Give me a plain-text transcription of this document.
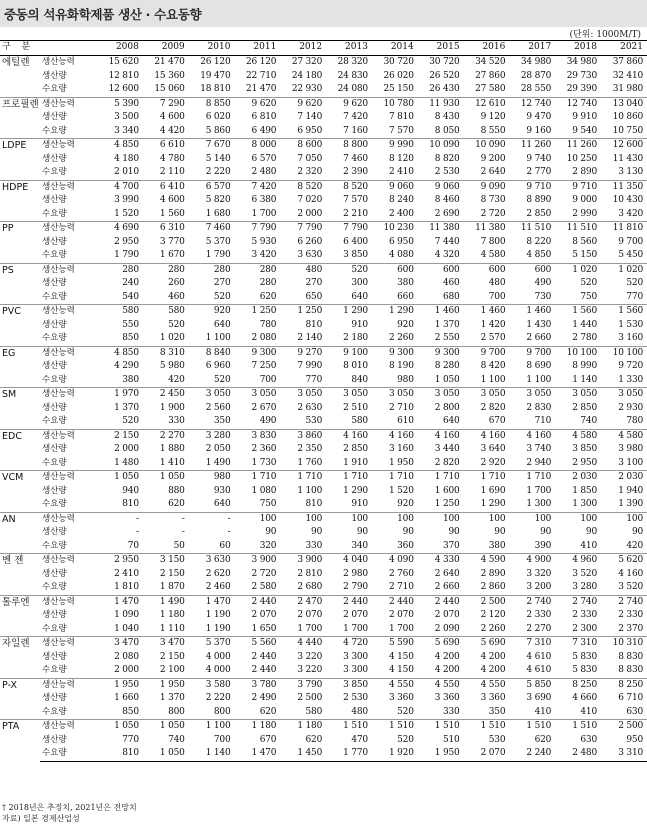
중동의 석유화학제품 생산 · 수요동향
(단위: 1000M/T)
구 분		2008	2009	2010	2011	2012	2013	2014	2015	2016	2017	2018	2021
에틸렌	생산능력	15 620	21 470	26 120	26 120	27 320	28 320	30 720	30 720	34 520	34 980	34 980	37 860
	생산량	12 810	15 360	19 470	22 710	24 180	24 830	26 020	26 520	27 860	28 870	29 730	32 410
	수요량	12 600	15 060	18 810	21 470	22 930	24 080	25 150	26 430	27 580	28 550	29 390	31 980
프로필렌	생산능력	5 390	7 290	8 850	9 620	9 620	9 620	10 780	11 930	12 610	12 740	12 740	13 040
	생산량	3 500	4 600	6 020	6 810	7 140	7 420	7 810	8 430	9 120	9 470	9 910	10 860
	수요량	3 340	4 420	5 860	6 490	6 950	7 160	7 570	8 050	8 550	9 160	9 540	10 750
LDPE	생산능력	4 850	6 610	7 670	8 000	8 600	8 800	9 990	10 090	10 090	11 260	11 260	12 600
	생산량	4 180	4 780	5 140	6 570	7 050	7 460	8 120	8 820	9 200	9 740	10 250	11 430
	수요량	2 010	2 110	2 220	2 480	2 320	2 390	2 410	2 530	2 640	2 770	2 890	3 130
HDPE	생산능력	4 700	6 410	6 570	7 420	8 520	8 520	9 060	9 060	9 090	9 710	9 710	11 350
	생산량	3 990	4 600	5 820	6 380	7 020	7 570	8 240	8 460	8 730	8 890	9 000	10 430
	수요량	1 520	1 560	1 680	1 700	2 000	2 210	2 400	2 690	2 720	2 850	2 990	3 420
PP	생산능력	4 690	6 310	7 460	7 790	7 790	7 790	10 230	11 380	11 380	11 510	11 510	11 810
	생산량	2 950	3 770	5 370	5 930	6 260	6 400	6 950	7 440	7 800	8 220	8 560	9 700
	수요량	1 790	1 670	1 790	3 420	3 630	3 850	4 080	4 320	4 580	4 850	5 150	5 450
PS	생산능력	280	280	280	280	480	520	600	600	600	600	1 020	1 020
	생산량	240	260	270	280	270	300	380	460	480	490	520	520
	수요량	540	460	520	620	650	640	660	680	700	730	750	770
PVC	생산능력	580	580	920	1 250	1 250	1 290	1 290	1 460	1 460	1 460	1 560	1 560
	생산량	550	520	640	780	810	910	920	1 370	1 420	1 430	1 440	1 530
	수요량	850	1 020	1 100	2 080	2 140	2 180	2 260	2 550	2 570	2 660	2 780	3 160
EG	생산능력	4 850	8 310	8 840	9 300	9 270	9 100	9 300	9 300	9 700	9 700	10 100	10 100
	생산량	4 290	5 980	6 960	7 250	7 990	8 010	8 190	8 280	8 420	8 690	8 990	9 720
	수요량	380	420	520	700	770	840	980	1 050	1 100	1 100	1 140	1 330
SM	생산능력	1 970	2 450	3 050	3 050	3 050	3 050	3 050	3 050	3 050	3 050	3 050	3 050
	생산량	1 370	1 900	2 560	2 670	2 630	2 510	2 710	2 800	2 820	2 830	2 850	2 930
	수요량	520	330	350	490	530	580	610	640	670	710	740	780
EDC	생산능력	2 150	2 270	3 280	3 830	3 860	4 160	4 160	4 160	4 160	4 160	4 580	4 580
	생산량	2 000	1 880	2 050	2 360	2 350	2 850	3 160	3 440	3 640	3 740	3 850	3 980
	수요량	1 480	1 410	1 490	1 730	1 760	1 910	1 950	2 820	2 920	2 940	2 950	3 100
VCM	생산능력	1 050	1 050	980	1 710	1 710	1 710	1 710	1 710	1 710	1 710	2 030	2 030
	생산량	940	880	930	1 080	1 100	1 290	1 520	1 600	1 690	1 700	1 850	1 940
	수요량	810	620	640	750	810	910	920	1 250	1 290	1 300	1 300	1 390
AN	생산능력	-	-	-	100	100	100	100	100	100	100	100	100
	생산량	-	-	-	90	90	90	90	90	90	90	90	90
	수요량	70	50	60	320	330	340	360	370	380	390	410	420
벤 젠	생산능력	2 950	3 150	3 630	3 900	3 900	4 040	4 090	4 330	4 590	4 900	4 960	5 620
	생산량	2 410	2 150	2 620	2 720	2 810	2 980	2 760	2 640	2 890	3 320	3 520	4 160
	수요량	1 810	1 870	2 460	2 580	2 680	2 790	2 710	2 660	2 860	3 200	3 280	3 520
톨루엔	생산능력	1 470	1 490	1 470	2 440	2 470	2 440	2 440	2 440	2 500	2 740	2 740	2 740
	생산량	1 090	1 180	1 190	2 070	2 070	2 070	2 070	2 070	2 120	2 330	2 330	2 330
	수요량	1 040	1 110	1 190	1 650	1 700	1 700	1 700	2 090	2 260	2 270	2 300	2 370
자일렌	생산능력	3 470	3 470	5 370	5 560	4 440	4 720	5 590	5 690	5 690	7 310	7 310	10 310
	생산량	2 080	2 150	4 000	2 440	3 220	3 300	4 150	4 200	4 200	4 610	5 830	8 830
	수요량	2 000	2 100	4 000	2 440	3 220	3 300	4 150	4 200	4 200	4 610	5 830	8 830
P-X	생산능력	1 950	1 950	3 580	3 780	3 790	3 850	4 550	4 550	4 550	5 850	8 250	8 250
	생산량	1 660	1 370	2 220	2 490	2 500	2 530	3 360	3 360	3 360	3 690	4 660	6 710
	수요량	850	800	800	620	580	480	520	330	350	410	410	630
PTA	생산능력	1 050	1 050	1 100	1 180	1 180	1 510	1 510	1 510	1 510	1 510	1 510	2 500
	생산량	770	740	700	670	620	470	520	510	530	620	630	950
	수요량	810	1 050	1 140	1 470	1 450	1 770	1 920	1 950	2 070	2 240	2 480	3 310
† 2018년은 추정치, 2021년은 전망치
자료) 일본 경제산업성
